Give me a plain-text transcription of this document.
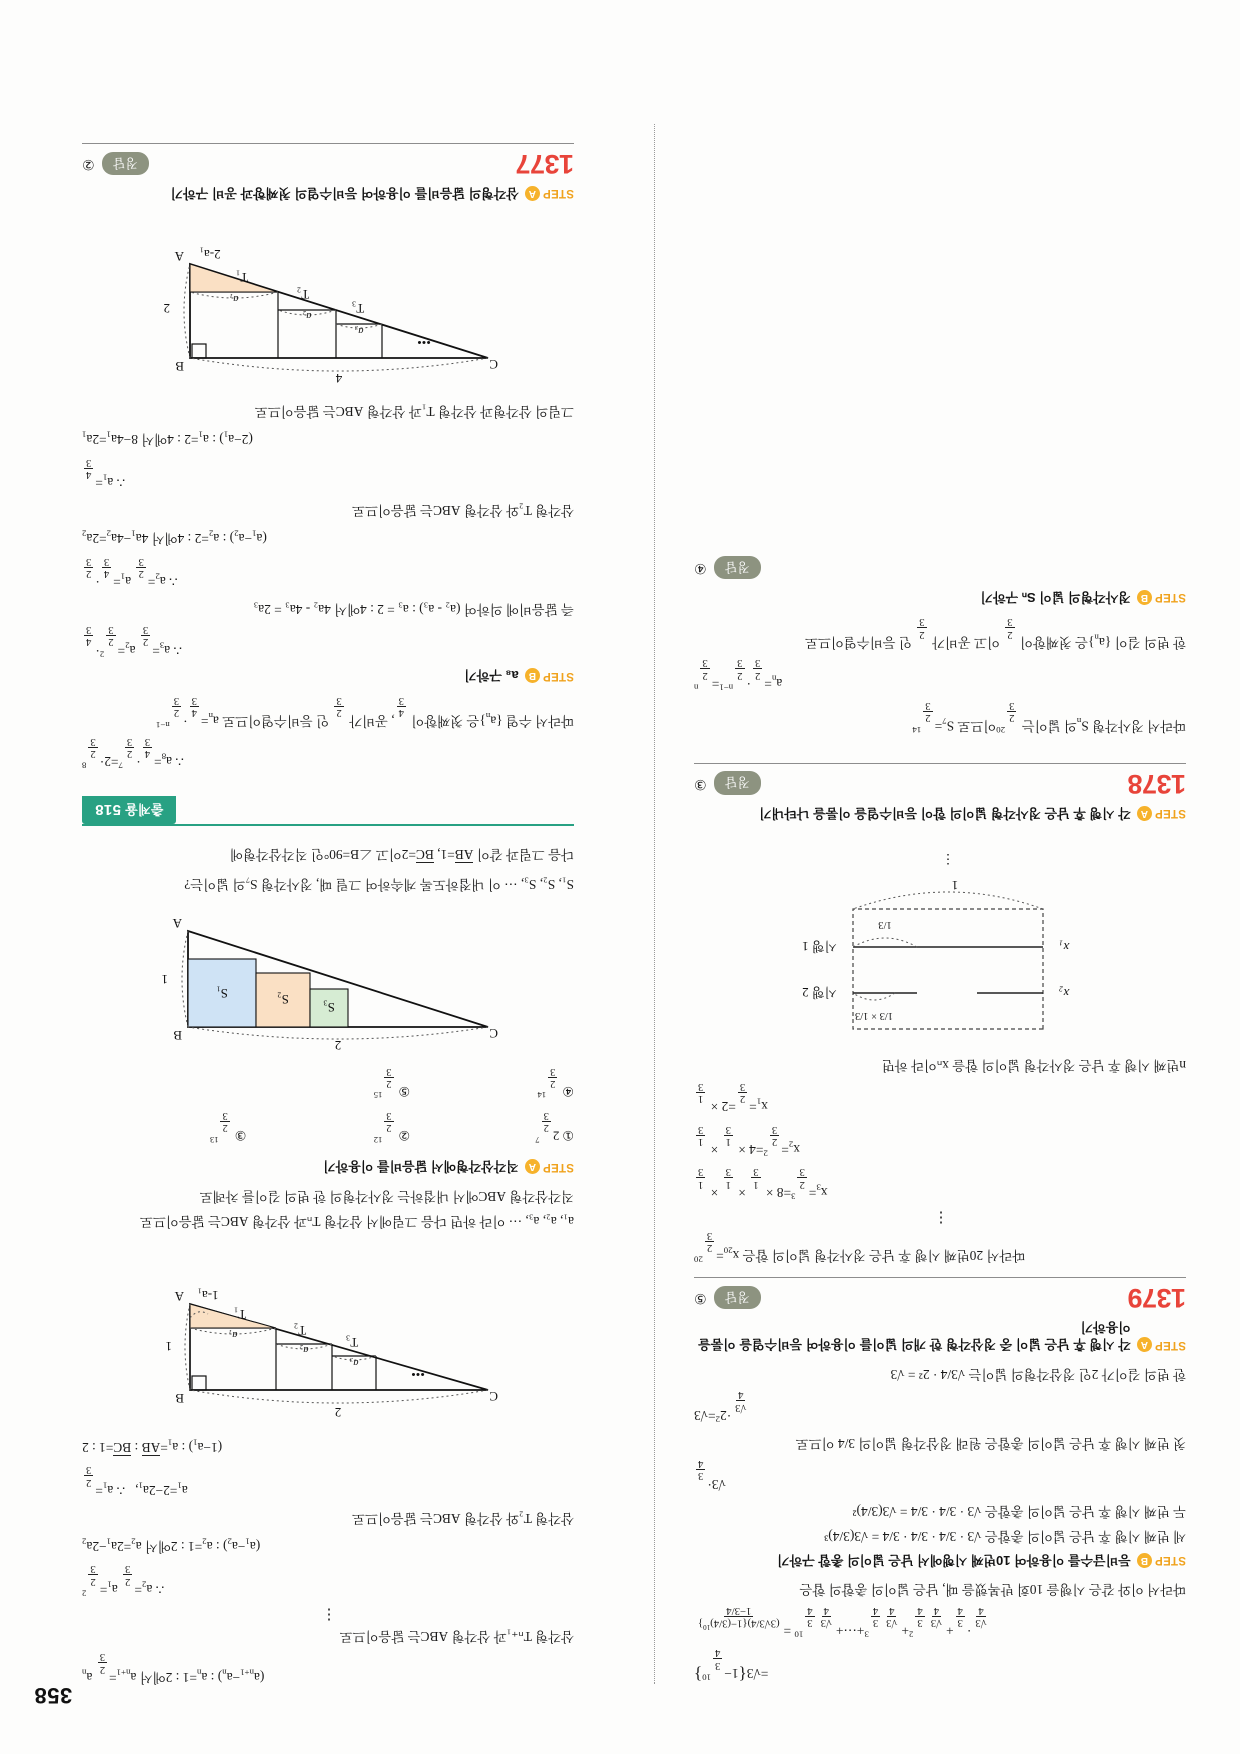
358
=√3{1−
3
4
$^{10}$}
√3
4
·
3
4
+
√3
4
3
4
$^2$+
√3
4
3
4
$^3$+⋯+
√3
4
3
4
$^{10}$ =
$(3√3/4)\{1-(3/4)^{10}\}$
1−3/4
따라서 이와 같은 시행을 10회 반복했을 때, 남은 넓이의 총합의 합은
STEP
B
등비급수를 이용하여 10번째 시행에서 남은 넓이의 총합 구하기
세 번째 시행 후 남은 넓이의 총합은 √3 · 3/4 · 3/4 · 3/4 = √3(3/4)³
두 번째 시행 후 남은 넓이의 총합은 √3 · 3/4 · 3/4 = √3(3/4)²
√3·
3
4
첫 번째 시행 후 남은 넓이의 총합은 원래 정삼각형 넓이의 3/4 이므로
√3
4
$\cdot 2^2=√3$
한 변의 길이가 2인 정삼각형의 넓이는 √3/4 · 2² = √3
STEP
A
각 시행 후 남은 넓이 중 정삼각형 한 개의 넓이를 이용하여 등비수열을 이룸을 이용하기
1379
정답
⑤
따라서 20번째 시행 후 남은 정사각형 넓이의 합은 $x_{20}=$
2
3
$^{20}$
⋮
$x_3=$
2
3
$^3$=8 ×
1
3
×
1
3
×
1
3
$x_2=$
2
3
$^2$=4 ×
1
3
×
1
3
$x_1=$
2
3
=2 ×
1
3
n번째 시행 후 남은 정사각형 넓이의 합을 xₙ이라 하면
1
1/3
1/3 × 1/3
시행 1
시행 2
x₁
x₂
⋮
STEP
A
각 시행 후 남은 정사각형 넓이의 합이 등비수열을 이룸을 나타내기
1378
정답
③
따라서 정사각형 $S_n$의 넓이는
2
3
$^{20}$이므로 $S_7=$
2
3
$^{14}$
$a_n=$
2
3
·
2
3
$^{n-1}$=
2
3
$^n$
한 변의 길이 $\{a_n\}$은 첫째항이
2
3
이고 공비가
2
3
인 등비수열이므로
STEP
B
정사각형의 넓이 Sₙ 구하기
정답
④
$(a_{n+1}-a_n)$ : $a_n=1$ : 2에서 $a_{n+1}=$
2
3
$a_n$
삼각형 Tₙ₊₁과 삼각형 ABC는 닮음이므로
⋮
∴ $a_2=$
2
3
$a_1=$
2
3
$^2$
$(a_1-a_2)$ : $a_2=1$ : 2에서 $a_2=2a_1-2a_2$
삼각형 T₂와 삼각형 ABC는 닮음이므로
$a_1=2-2a_1$,   ∴ $a_1=$
2
3
$(1-a_1)$ : $a_1=AB$ : BC=1 : 2
C
B
A
1
2
a₁
a₂
a₃
T₁
T₂
T₃
1-a₁
•••
a₁, a₂, a₃, ⋯ 이라 하면 다음 그림에서 삼각형 Tₙ과 삼각형 ABC는 닮음이므로
직각삼각형 ABC에서 내접하는 정사각형의 한 변의 길이를 차례로
STEP
A
직각삼각형에서 닮음비를 이용하기
①2
2
3
$^7$
②
2
3
$^{12}$
③
2
3
$^{13}$
④
2
3
$^{14}$
⑤
2
3
$^{15}$
C
B
A
1
2
S₁	S₂
S₃
S₁, S₂, S₃, ⋯ 이 내접하도록 계속하여 그릴 때, 정사각형 S₇의 넓이는?
다음 그림과 같이 AB=1, BC=2이고 ∠B=90°인 직각삼각형에
출제율 518
∴ $a_8=$
4
3
·
2
3
$^7$=2·
2
3
$^8$
따라서 수열 $\{a_n\}$은 첫째항이
4
3
, 공비가
2
3
인 등비수열이므로 $a_n=$
4
3
·
2
3
$^{n-1}$
STEP
B
a₈ 구하기
∴ $a_3=$
2
3
$a_2=$
2
3
$^2$·
4
3
즉 닮음비에 의하여 (a₂ - a₃) : a₃ = 2 : 4에서 4a₂ - 4a₃ = 2a₃
∴ $a_2=$
2
3
$a_1=$
4
3
·
2
3
$(a_1-a_2)$ : $a_2=2$ : 4에서 $4a_1-4a_2=2a_2$
삼각형 T₂와 삼각형 ABC는 닮음이므로
∴ $a_1=$
4
3
$(2-a_1)$ : $a_1=2$ : 4에서 $8-4a_1=2a_1$
그림의 삼각형과 삼각형 T₁과 삼각형 ABC는 닮음이므로
C
B
A
2
4
a₁
a₂
a₃
T₁
T₂
T₃
2-a₁
•••
STEP
A
삼각형의 닮음비를 이용하여 등비수열의 첫째항과 공비 구하기
1377
정답
②
